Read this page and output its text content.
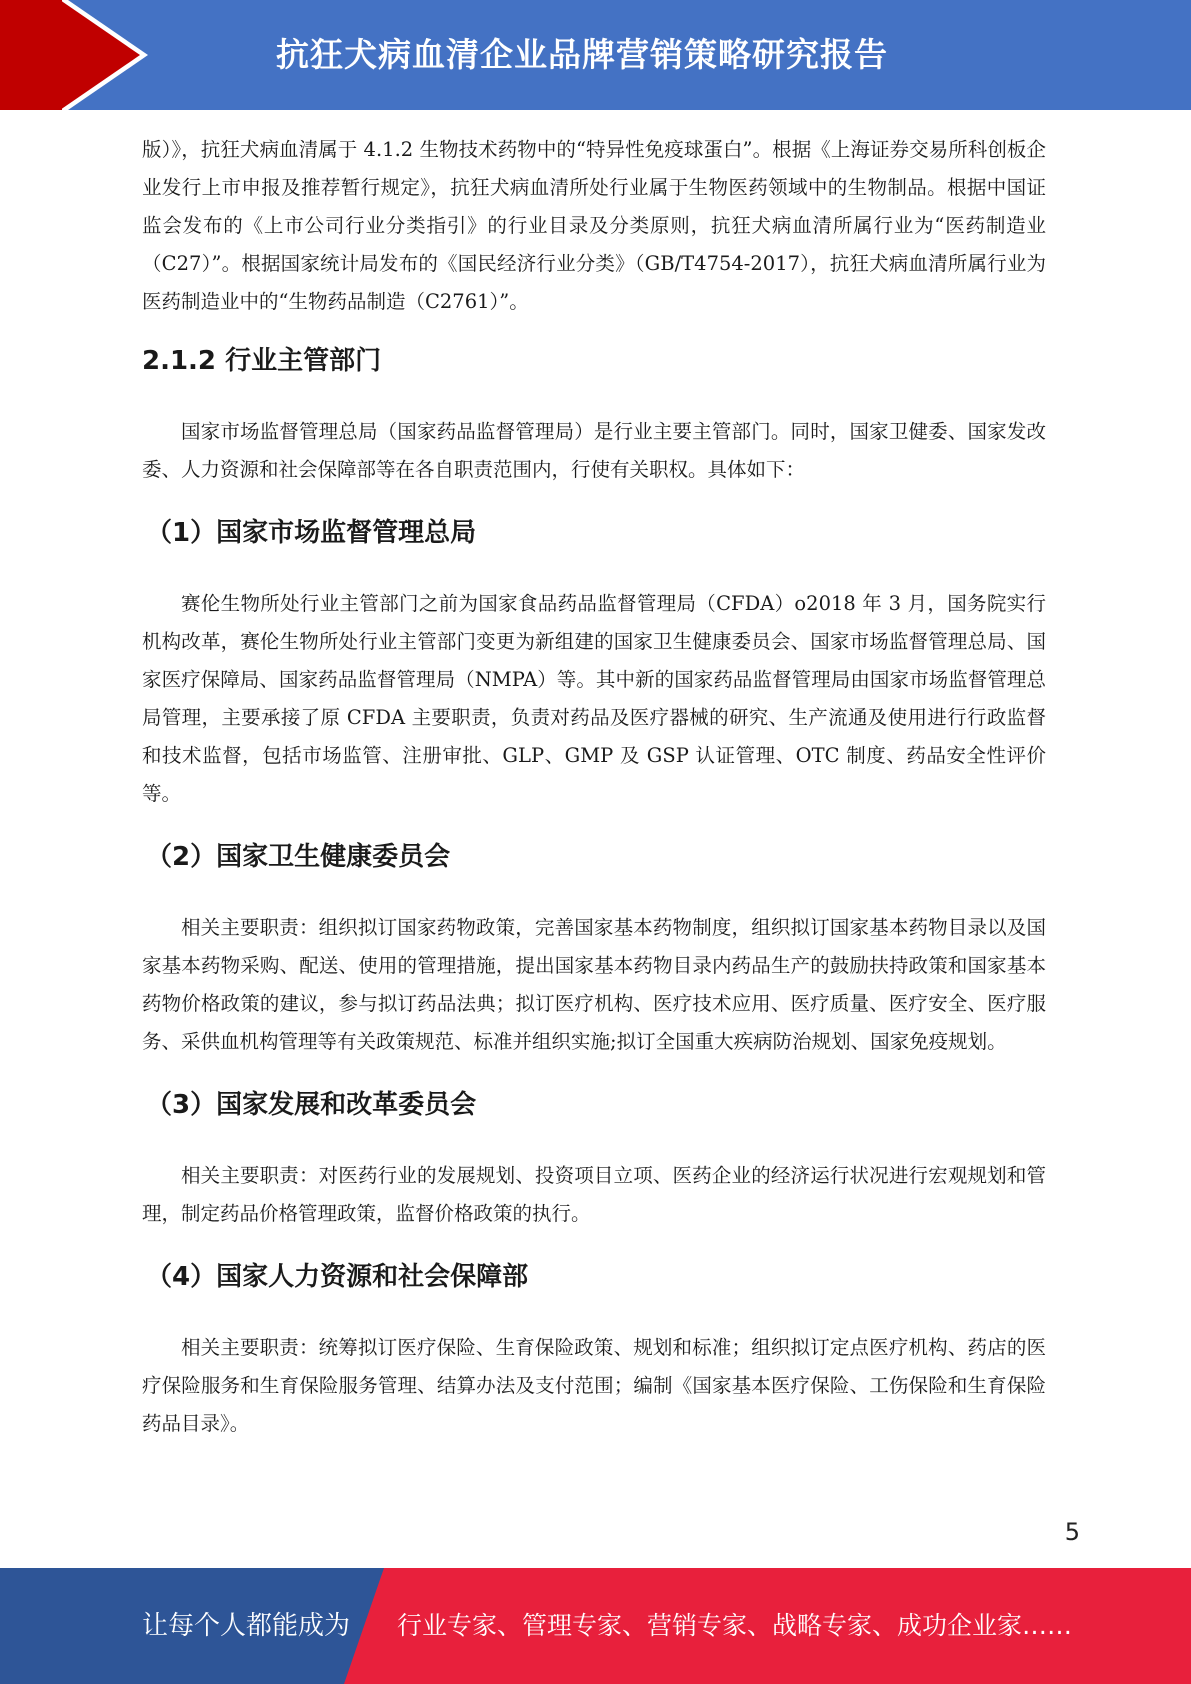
抗狂犬病血清企业品牌营销策略研究报告

版）》，抗狂犬病血清属于 4.1.2 生物技术药物中的“特异性免疫球蛋白”。根据《上海证券交易所科创板企业发行上市申报及推荐暂行规定》，抗狂犬病血清所处行业属于生物医药领域中的生物制品。根据中国证监会发布的《上市公司行业分类指引》的行业目录及分类原则，抗狂犬病血清所属行业为“医药制造业（C27）”。根据国家统计局发布的《国民经济行业分类》（GB/T4754-2017），抗狂犬病血清所属行业为医药制造业中的“生物药品制造（C2761）”。

2.1.2 行业主管部门

国家市场监督管理总局（国家药品监督管理局）是行业主要主管部门。同时，国家卫健委、国家发改委、人力资源和社会保障部等在各自职责范围内，行使有关职权。具体如下：

（1）国家市场监督管理总局

赛伦生物所处行业主管部门之前为国家食品药品监督管理局（CFDA）o2018 年 3 月，国务院实行机构改革，赛伦生物所处行业主管部门变更为新组建的国家卫生健康委员会、国家市场监督管理总局、国家医疗保障局、国家药品监督管理局（NMPA）等。其中新的国家药品监督管理局由国家市场监督管理总局管理，主要承接了原 CFDA 主要职责，负责对药品及医疗器械的研究、生产流通及使用进行行政监督和技术监督，包括市场监管、注册审批、GLP、GMP 及 GSP 认证管理、OTC 制度、药品安全性评价等。

（2）国家卫生健康委员会

相关主要职责：组织拟订国家药物政策，完善国家基本药物制度，组织拟订国家基本药物目录以及国家基本药物采购、配送、使用的管理措施，提出国家基本药物目录内药品生产的鼓励扶持政策和国家基本药物价格政策的建议，参与拟订药品法典；拟订医疗机构、医疗技术应用、医疗质量、医疗安全、医疗服务、采供血机构管理等有关政策规范、标准并组织实施;拟订全国重大疾病防治规划、国家免疫规划。

（3）国家发展和改革委员会

相关主要职责：对医药行业的发展规划、投资项目立项、医药企业的经济运行状况进行宏观规划和管理，制定药品价格管理政策，监督价格政策的执行。

（4）国家人力资源和社会保障部

相关主要职责：统筹拟订医疗保险、生育保险政策、规划和标准；组织拟订定点医疗机构、药店的医疗保险服务和生育保险服务管理、结算办法及支付范围；编制《国家基本医疗保险、工伤保险和生育保险药品目录》。

5
让每个人都能成为 行业专家、管理专家、营销专家、战略专家、成功企业家……
